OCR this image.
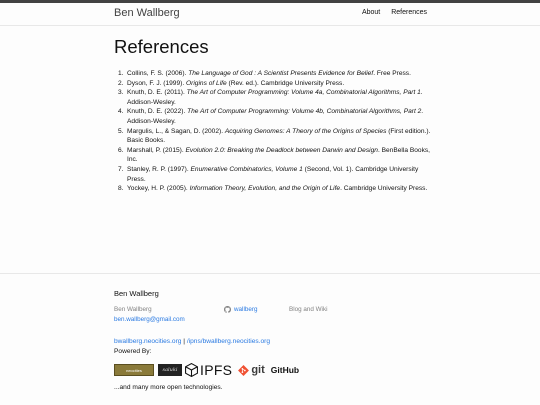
Ben Wallberg	About References
References
1. Collins, F. S. (2006). The Language of God : A Scientist Presents Evidence for Belief. Free Press.
2. Dyson, F. J. (1999). Origins of Life (Rev. ed.). Cambridge University Press.
3. Knuth, D. E. (2011). The Art of Computer Programming: Volume 4a, Combinatorial Algorithms, Part 1. Addison-Wesley.
4. Knuth, D. E. (2022). The Art of Computer Programming: Volume 4b, Combinatorial Algorithms, Part 2. Addison-Wesley.
5. Margulis, L., & Sagan, D. (2002). Acquiring Genomes: A Theory of the Origins of Species (First edition.). Basic Books.
6. Marshall, P. (2015). Evolution 2.0: Breaking the Deadlock between Darwin and Design. BenBella Books, Inc.
7. Stanley, R. P. (1997). Enumerative Combinatorics, Volume 1 (Second, Vol. 1). Cambridge University Press.
8. Yockey, H. P. (2005). Information Theory, Evolution, and the Origin of Life. Cambridge University Press.
Ben Wallberg
Ben Wallberg
ben.wallberg@gmail.com
wallberg	Blog and Wiki
bwallberg.neocities.org | /ipns/bwallberg.neocities.org
Powered By:
neocities	saluki IPFS git GitHub
...and many more open technologies.
